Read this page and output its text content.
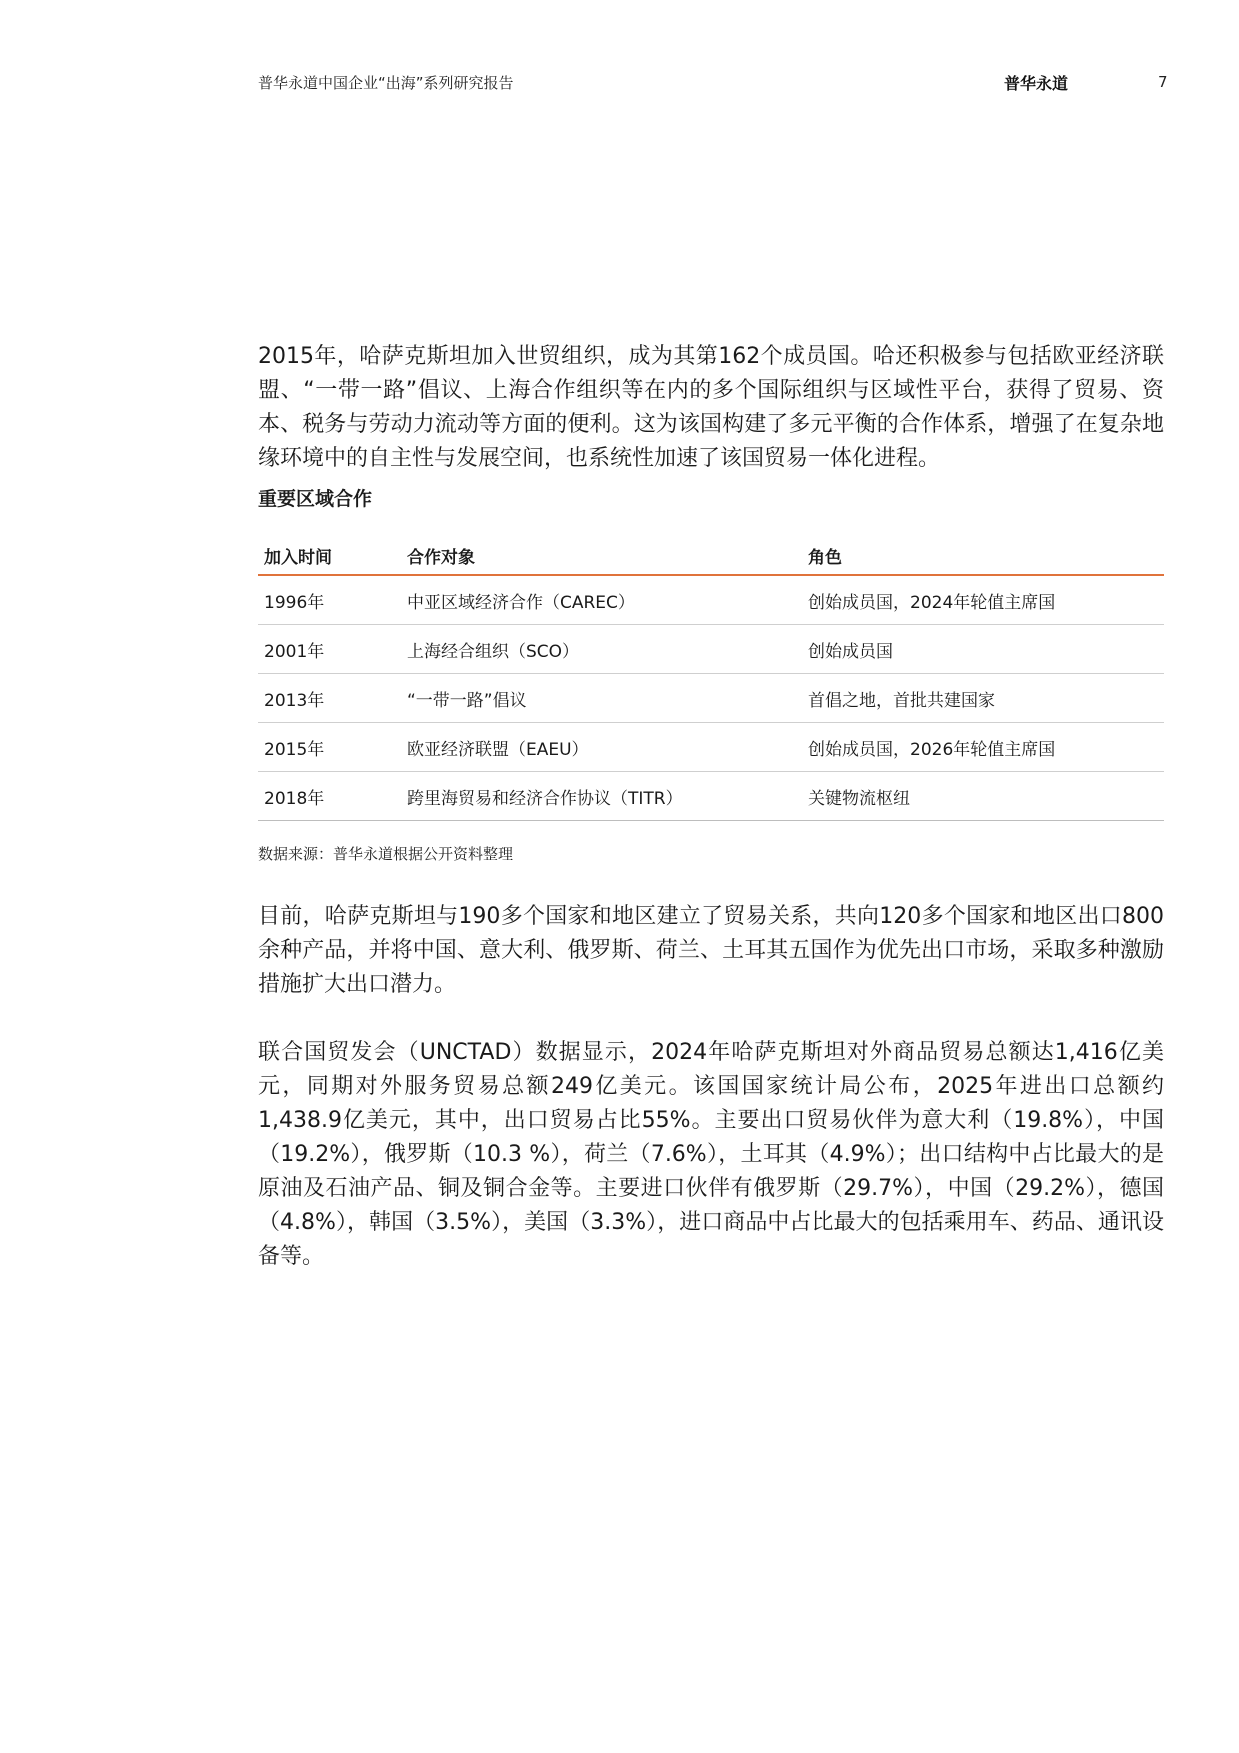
普华永道中国企业“出海”系列研究报告	普华永道	7

2015年，哈萨克斯坦加入世贸组织，成为其第162个成员国。哈还积极参与包括欧亚经济联盟、“一带一路”倡议、上海合作组织等在内的多个国际组织与区域性平台，获得了贸易、资本、税务与劳动力流动等方面的便利。这为该国构建了多元平衡的合作体系，增强了在复杂地缘环境中的自主性与发展空间，也系统性加速了该国贸易一体化进程。

重要区域合作
加入时间	合作对象	角色
1996年	中亚区域经济合作（CAREC）	创始成员国，2024年轮值主席国
2001年	上海经合组织（SCO）	创始成员国
2013年	“一带一路”倡议	首倡之地，首批共建国家
2015年	欧亚经济联盟（EAEU）	创始成员国，2026年轮值主席国
2018年	跨里海贸易和经济合作协议（TITR）	关键物流枢纽
数据来源：普华永道根据公开资料整理

目前，哈萨克斯坦与190多个国家和地区建立了贸易关系，共向120多个国家和地区出口800余种产品，并将中国、意大利、俄罗斯、荷兰、土耳其五国作为优先出口市场，采取多种激励措施扩大出口潜力。

联合国贸发会（UNCTAD）数据显示，2024年哈萨克斯坦对外商品贸易总额达1,416亿美元，同期对外服务贸易总额249亿美元。该国国家统计局公布，2025年进出口总额约1,438.9亿美元，其中，出口贸易占比55%。主要出口贸易伙伴为意大利（19.8%），中国（19.2%），俄罗斯（10.3 %），荷兰（7.6%），土耳其（4.9%）；出口结构中占比最大的是原油及石油产品、铜及铜合金等。主要进口伙伴有俄罗斯（29.7%），中国（29.2%），德国（4.8%），韩国（3.5%），美国（3.3%），进口商品中占比最大的包括乘用车、药品、通讯设备等。
